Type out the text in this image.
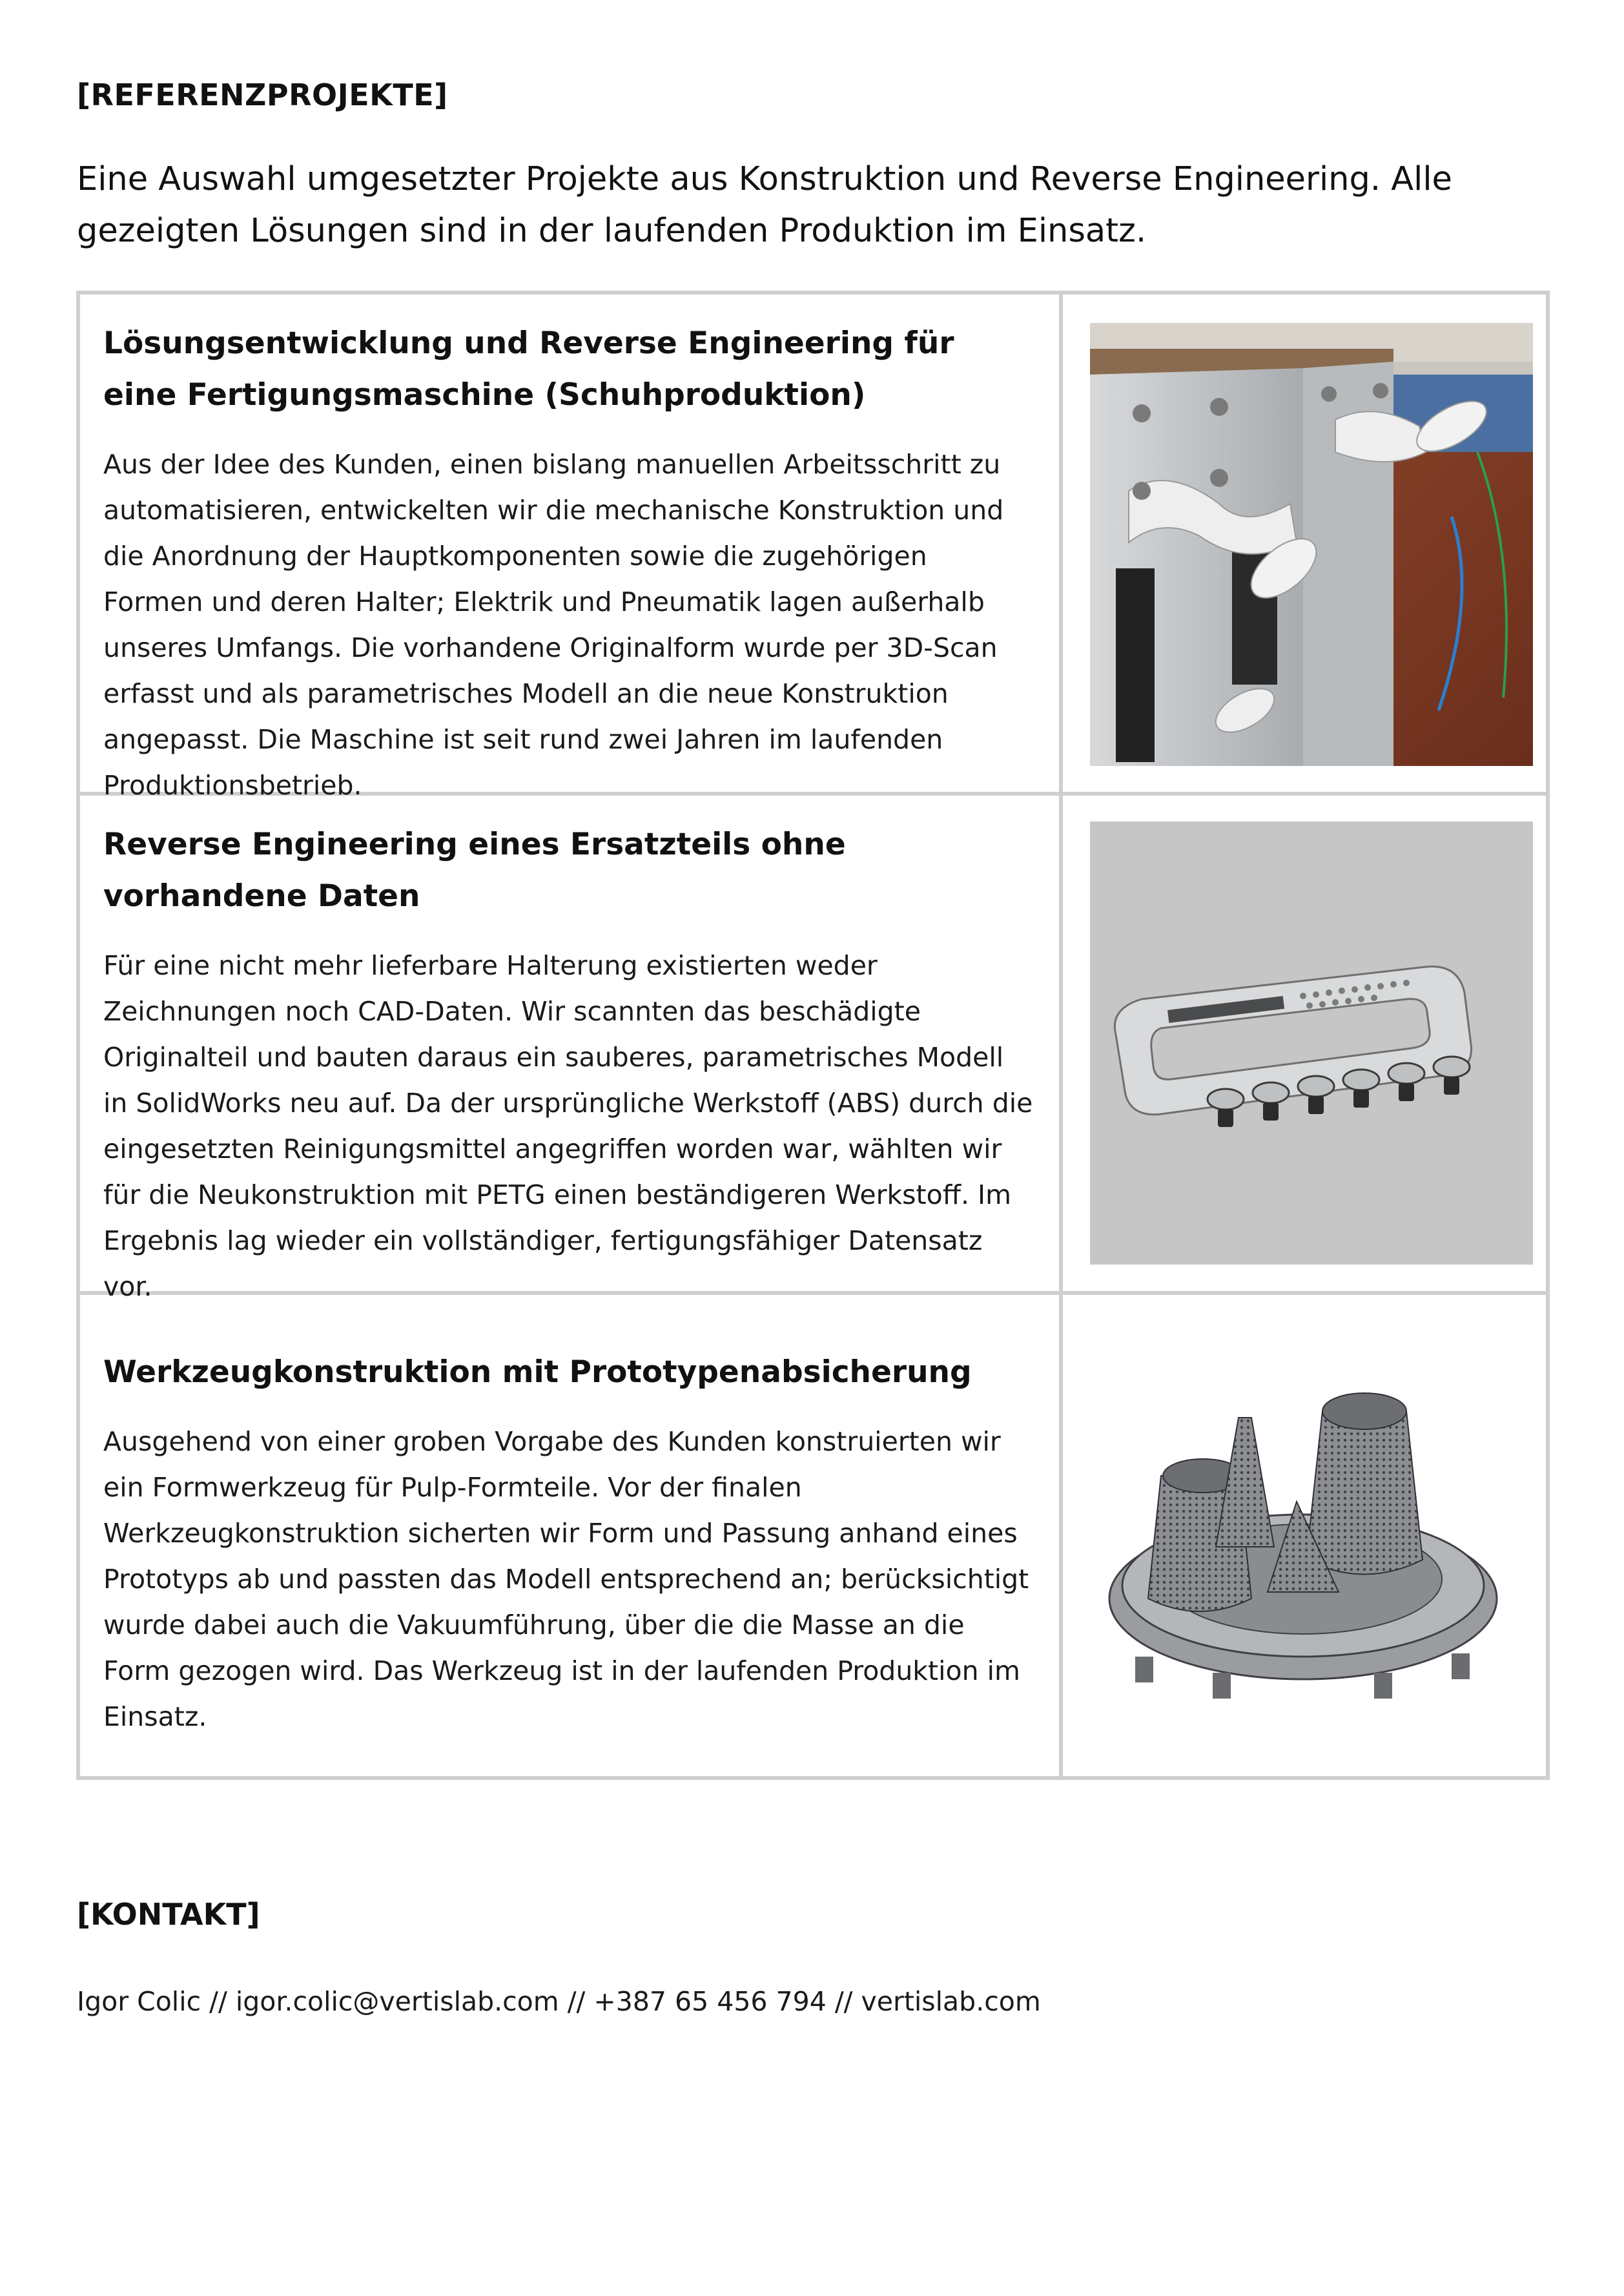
[REFERENZPROJEKTE]

Eine Auswahl umgesetzter Projekte aus Konstruktion und Reverse Engineering. Alle gezeigten Lösungen sind in der laufenden Produktion im Einsatz.

Lösungsentwicklung und Reverse Engineering für eine Fertigungsmaschine (Schuhproduktion)

Aus der Idee des Kunden, einen bislang manuellen Arbeitsschritt zu automatisieren, entwickelten wir die mechanische Konstruktion und die Anordnung der Hauptkomponenten sowie die zugehörigen Formen und deren Halter; Elektrik und Pneumatik lagen außerhalb unseres Umfangs. Die vorhandene Originalform wurde per 3D-Scan erfasst und als parametrisches Modell an die neue Konstruktion angepasst. Die Maschine ist seit rund zwei Jahren im laufenden Produktionsbetrieb.

Reverse Engineering eines Ersatzteils ohne vorhandene Daten

Für eine nicht mehr lieferbare Halterung existierten weder Zeichnungen noch CAD-Daten. Wir scannten das beschädigte Originalteil und bauten daraus ein sauberes, parametrisches Modell in SolidWorks neu auf. Da der ursprüngliche Werkstoff (ABS) durch die eingesetzten Reinigungsmittel angegriffen worden war, wählten wir für die Neukonstruktion mit PETG einen beständigeren Werkstoff. Im Ergebnis lag wieder ein vollständiger, fertigungsfähiger Datensatz vor.

Werkzeugkonstruktion mit Prototypenabsicherung

Ausgehend von einer groben Vorgabe des Kunden konstruierten wir ein Formwerkzeug für Pulp-Formteile. Vor der finalen Werkzeugkonstruktion sicherten wir Form und Passung anhand eines Prototyps ab und passten das Modell entsprechend an; berücksichtigt wurde dabei auch die Vakuumführung, über die die Masse an die Form gezogen wird. Das Werkzeug ist in der laufenden Produktion im Einsatz.

[KONTAKT]

Igor Colic // igor.colic@vertislab.com // +387 65 456 794 // vertislab.com
